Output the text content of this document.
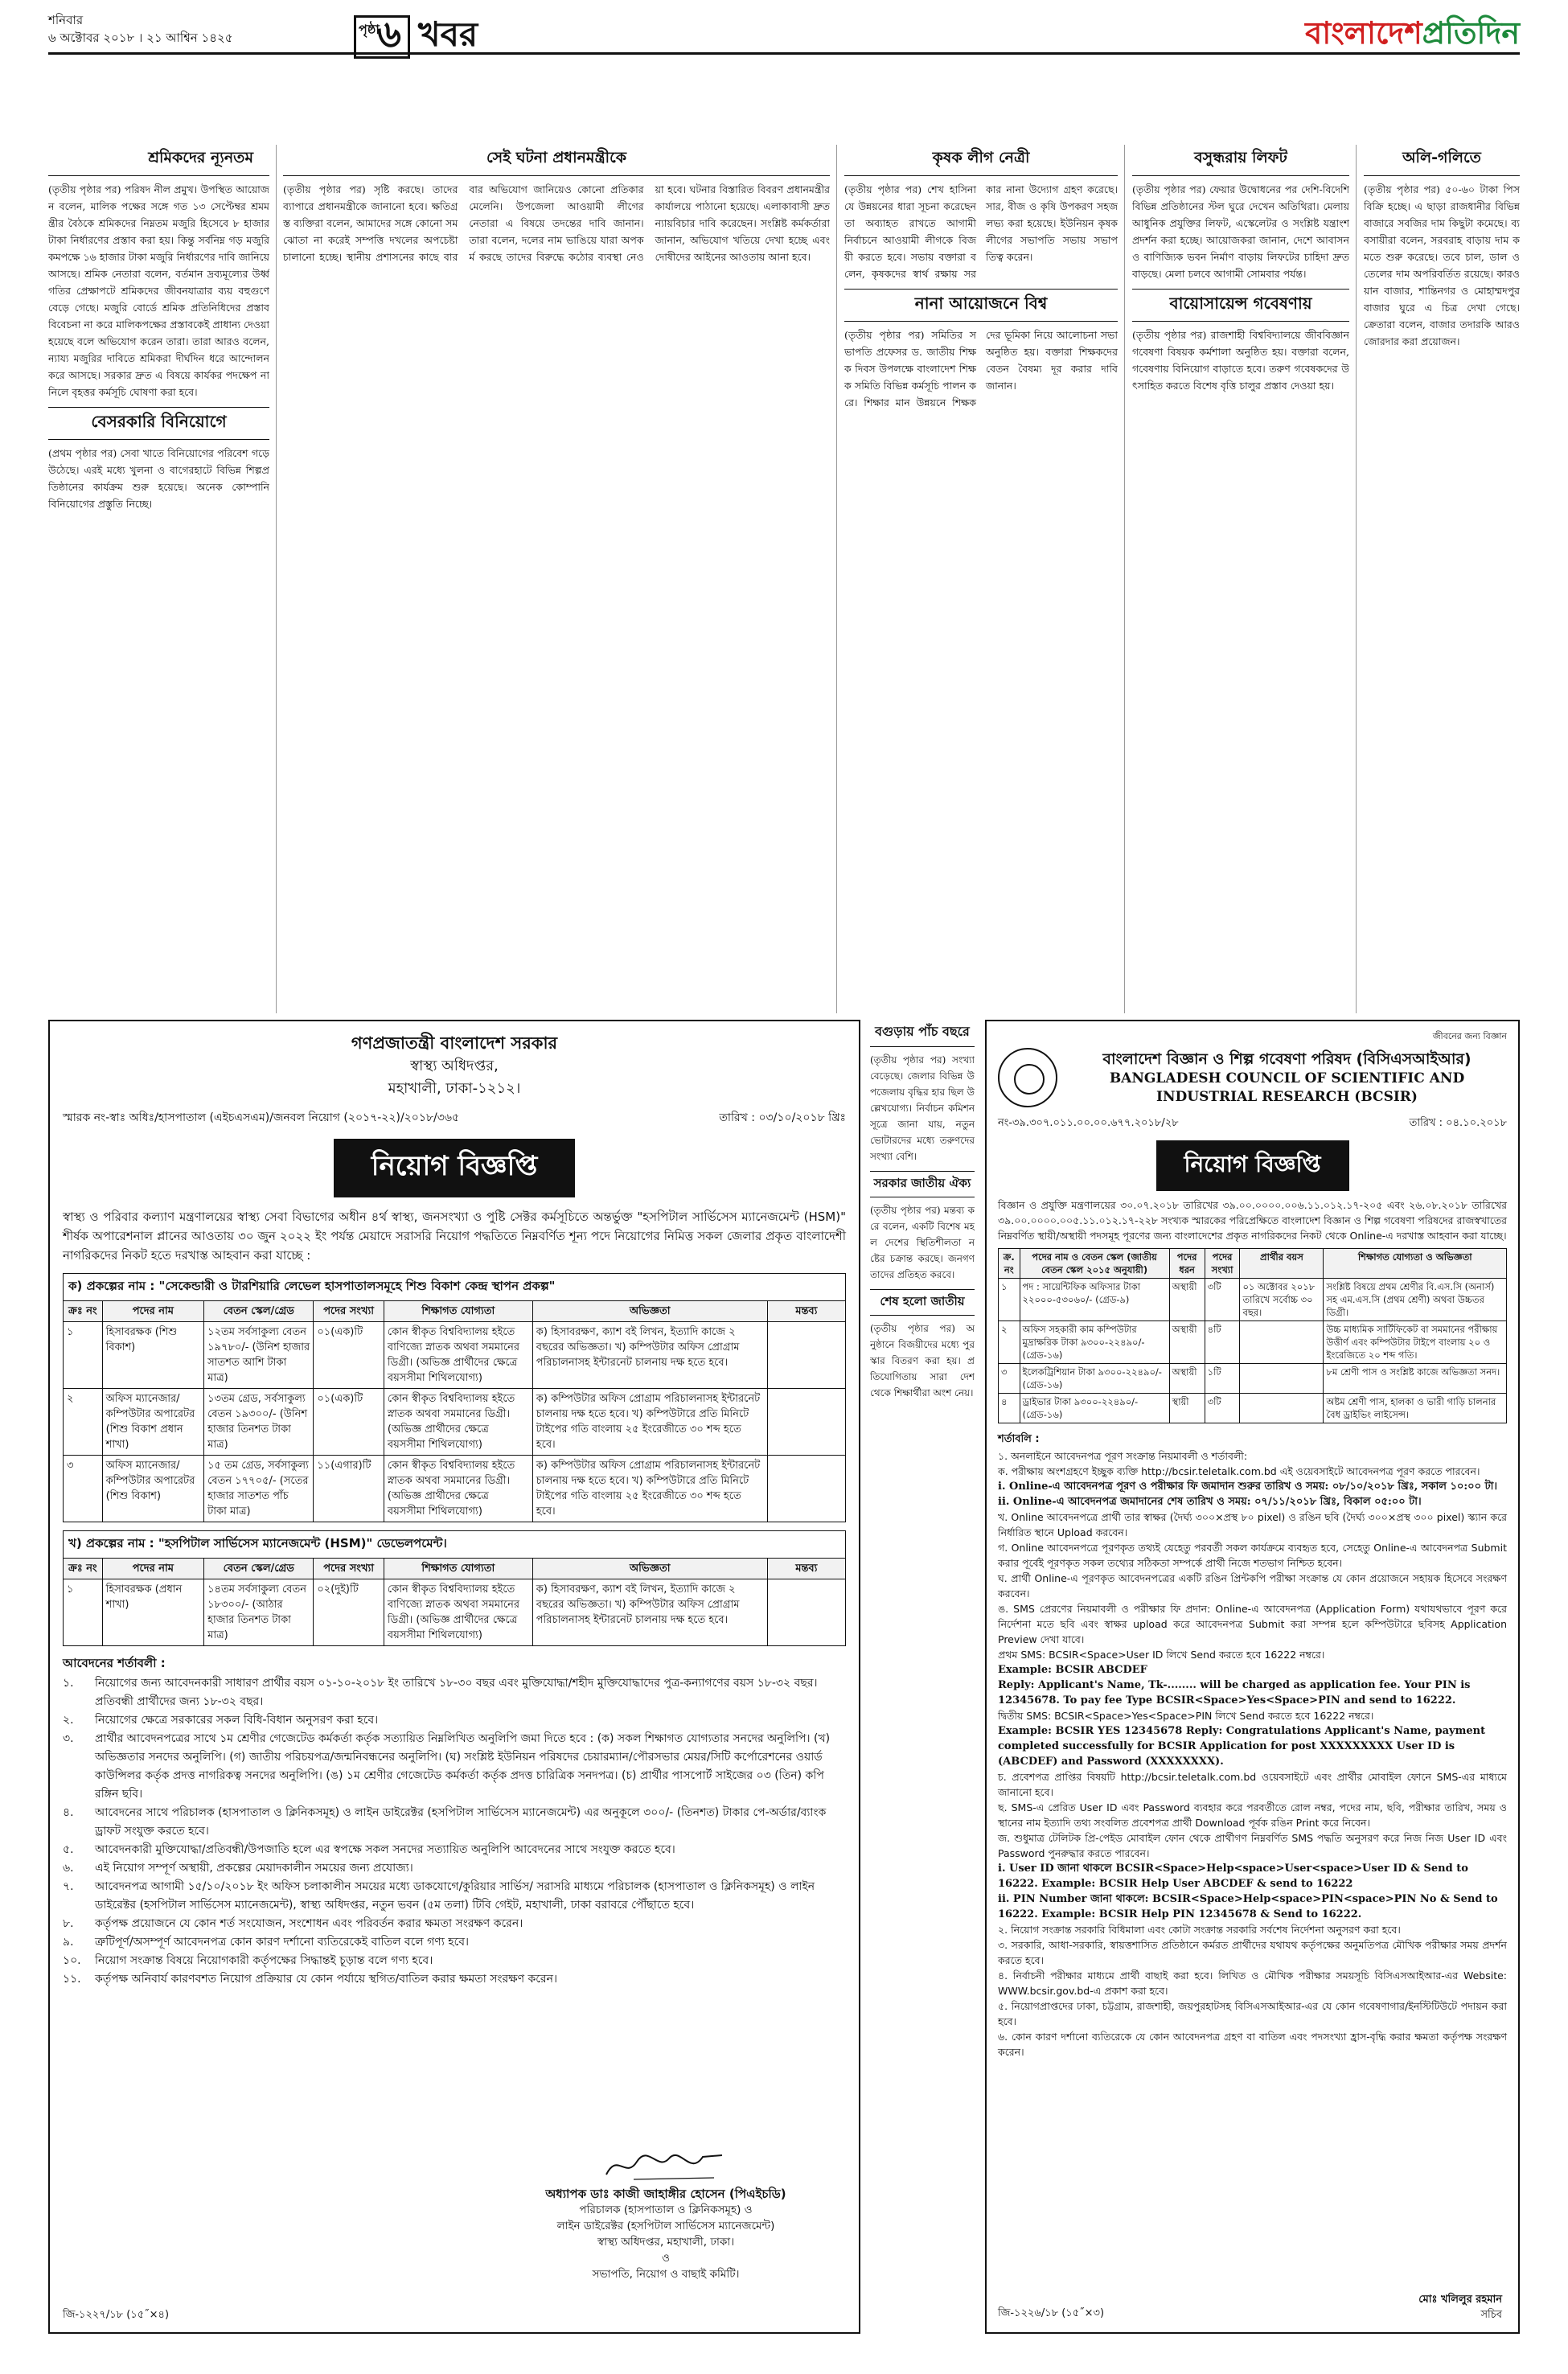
শনিবার
৬ অক্টোবর ২০১৮ । ২১ আশ্বিন ১৪২৫
পৃষ্ঠা
৬ খবর	বাংলাদেশপ্রতিদিন
শ্রমিকদের ন্যূনতম

(তৃতীয় পৃষ্ঠার পর) পরিষদ নীল প্রমুখ। উপস্থিত আয়োজন বলেন, মালিক পক্ষের সঙ্গে গত ১৩ সেপ্টেম্বর শ্রমমন্ত্রীর বৈঠকে শ্রমিকদের নিম্নতম মজুরি হিসেবে ৮ হাজার টাকা নির্ধারণের প্রস্তাব করা হয়। কিন্তু সর্বনিম্ন গড় মজুরি কমপক্ষে ১৬ হাজার টাকা মজুরি নির্ধারণের দাবি জানিয়ে আসছে। শ্রমিক নেতারা বলেন, বর্তমান দ্রব্যমূল্যের উর্ধ্বগতির প্রেক্ষাপটে শ্রমিকদের জীবনযাত্রার ব্যয় বহুগুণে বেড়ে গেছে। মজুরি বোর্ডে শ্রমিক প্রতিনিধিদের প্রস্তাব বিবেচনা না করে মালিকপক্ষের প্রস্তাবকেই প্রাধান্য দেওয়া হয়েছে বলে অভিযোগ করেন তারা। তারা আরও বলেন, ন্যায্য মজুরির দাবিতে শ্রমিকরা দীর্ঘদিন ধরে আন্দোলন করে আসছে। সরকার দ্রুত এ বিষয়ে কার্যকর পদক্ষেপ না নিলে বৃহত্তর কর্মসূচি ঘোষণা করা হবে।

বেসরকারি বিনিয়োগে

(প্রথম পৃষ্ঠার পর) সেবা খাতে বিনিয়োগের পরিবেশ গড়ে উঠেছে। এরই মধ্যে খুলনা ও বাগেরহাটে বিভিন্ন শিল্পপ্রতিষ্ঠানের কার্যক্রম শুরু হয়েছে। অনেক কোম্পানি বিনিয়োগের প্রস্তুতি নিচ্ছে।

সেই ঘটনা প্রধানমন্ত্রীকে

(তৃতীয় পৃষ্ঠার পর) সৃষ্টি করছে। তাদের ব্যাপারে প্রধানমন্ত্রীকে জানানো হবে। ক্ষতিগ্রস্ত ব্যক্তিরা বলেন, আমাদের সঙ্গে কোনো সমঝোতা না করেই সম্পত্তি দখলের অপচেষ্টা চালানো হচ্ছে। স্থানীয় প্রশাসনের কাছে বারবার অভিযোগ জানিয়েও কোনো প্রতিকার মেলেনি। উপজেলা আওয়ামী লীগের নেতারা এ বিষয়ে তদন্তের দাবি জানান। তারা বলেন, দলের নাম ভাঙিয়ে যারা অপকর্ম করছে তাদের বিরুদ্ধে কঠোর ব্যবস্থা নেওয়া হবে। ঘটনার বিস্তারিত বিবরণ প্রধানমন্ত্রীর কার্যালয়ে পাঠানো হয়েছে। এলাকাবাসী দ্রুত ন্যায়বিচার দাবি করেছেন। সংশ্লিষ্ট কর্মকর্তারা জানান, অভিযোগ খতিয়ে দেখা হচ্ছে এবং দোষীদের আইনের আওতায় আনা হবে।

কৃষক লীগ নেত্রী

(তৃতীয় পৃষ্ঠার পর) শেখ হাসিনা যে উন্নয়নের ধারা সূচনা করেছেন তা অব্যাহত রাখতে আগামী নির্বাচনে আওয়ামী লীগকে বিজয়ী করতে হবে। সভায় বক্তারা বলেন, কৃষকদের স্বার্থ রক্ষায় সরকার নানা উদ্যোগ গ্রহণ করেছে। সার, বীজ ও কৃষি উপকরণ সহজলভ্য করা হয়েছে। ইউনিয়ন কৃষক লীগের সভাপতি সভায় সভাপতিত্ব করেন।

নানা আয়োজনে বিশ্ব

(তৃতীয় পৃষ্ঠার পর) সমিতির সভাপতি প্রফেসর ড. জাতীয় শিক্ষক দিবস উপলক্ষে বাংলাদেশ শিক্ষক সমিতি বিভিন্ন কর্মসূচি পালন করে। শিক্ষার মান উন্নয়নে শিক্ষকদের ভূমিকা নিয়ে আলোচনা সভা অনুষ্ঠিত হয়। বক্তারা শিক্ষকদের বেতন বৈষম্য দূর করার দাবি জানান।

বসুন্ধরায় লিফট

(তৃতীয় পৃষ্ঠার পর) ফেয়ার উদ্বোধনের পর দেশি-বিদেশি বিভিন্ন প্রতিষ্ঠানের স্টল ঘুরে দেখেন অতিথিরা। মেলায় আধুনিক প্রযুক্তির লিফট, এস্কেলেটর ও সংশ্লিষ্ট যন্ত্রাংশ প্রদর্শন করা হচ্ছে। আয়োজকরা জানান, দেশে আবাসন ও বাণিজ্যিক ভবন নির্মাণ বাড়ায় লিফটের চাহিদা দ্রুত বাড়ছে। মেলা চলবে আগামী সোমবার পর্যন্ত।

বায়োসায়েন্স গবেষণায়

(তৃতীয় পৃষ্ঠার পর) রাজশাহী বিশ্ববিদ্যালয়ে জীববিজ্ঞান গবেষণা বিষয়ক কর্মশালা অনুষ্ঠিত হয়। বক্তারা বলেন, গবেষণায় বিনিয়োগ বাড়াতে হবে। তরুণ গবেষকদের উৎসাহিত করতে বিশেষ বৃত্তি চালুর প্রস্তাব দেওয়া হয়।

অলি-গলিতে

(তৃতীয় পৃষ্ঠার পর) ৫০-৬০ টাকা পিস বিক্রি হচ্ছে। এ ছাড়া রাজধানীর বিভিন্ন বাজারে সবজির দাম কিছুটা কমেছে। ব্যবসায়ীরা বলেন, সরবরাহ বাড়ায় দাম কমতে শুরু করেছে। তবে চাল, ডাল ও তেলের দাম অপরিবর্তিত রয়েছে। কারওয়ান বাজার, শান্তিনগর ও মোহাম্মদপুর বাজার ঘুরে এ চিত্র দেখা গেছে। ক্রেতারা বলেন, বাজার তদারকি আরও জোরদার করা প্রয়োজন।

গণপ্রজাতন্ত্রী বাংলাদেশ সরকার
স্বাস্থ্য অধিদপ্তর,
মহাখালী, ঢাকা-১২১২।
স্মারক নং-স্বাঃ অধিঃ/হাসপাতাল (এইচএসএম)/জনবল নিয়োগ (২০১৭-২২)/২০১৮/৩৬৫	তারিখ : ০৩/১০/২০১৮ খ্রিঃ
নিয়োগ বিজ্ঞপ্তি

স্বাস্থ্য ও পরিবার কল্যাণ মন্ত্রণালয়ের স্বাস্থ্য সেবা বিভাগের অধীন ৪র্থ স্বাস্থ্য, জনসংখ্যা ও পুষ্টি সেক্টর কর্মসূচিতে অন্তর্ভুক্ত "হসপিটাল সার্ভিসেস ম্যানেজমেন্ট (HSM)" শীর্ষক অপারেশনাল প্লানের আওতায় ৩০ জুন ২০২২ ইং পর্যন্ত মেয়াদে সরাসরি নিয়োগ পদ্ধতিতে নিম্নবর্ণিত শূন্য পদে নিয়োগের নিমিত্ত সকল জেলার প্রকৃত বাংলাদেশী নাগরিকদের নিকট হতে দরখাস্ত আহবান করা যাচ্ছে :

ক) প্রকল্পের নাম : "সেকেন্ডারী ও টারশিয়ারি লেভেল হাসপাতালসমূহে শিশু বিকাশ কেন্দ্র স্থাপন প্রকল্প"
ক্রঃ নং	পদের নাম	বেতন স্কেল/গ্রেড	পদের সংখ্যা	শিক্ষাগত যোগ্যতা	অভিজ্ঞতা	মন্তব্য
১	হিসাবরক্ষক (শিশু বিকাশ)	১২তম সর্বসাকুল্য বেতন ১৯৭৮০/- (উনিশ হাজার সাতশত আশি টাকা মাত্র)	০১(এক)টি	কোন স্বীকৃত বিশ্ববিদ্যালয় হইতে বাণিজ্যে স্নাতক অথবা সমমানের ডিগ্রী। (অভিজ্ঞ প্রার্থীদের ক্ষেত্রে বয়সসীমা শিথিলযোগ্য)	ক) হিসাবরক্ষণ, ক্যাশ বই লিখন, ইত্যাদি কাজে ২ বছরের অভিজ্ঞতা। খ) কম্পিউটার অফিস প্রোগ্রাম পরিচালনাসহ ইন্টারনেট চালনায় দক্ষ হতে হবে।	
২	অফিস ম্যানেজার/ কম্পিউটার অপারেটর (শিশু বিকাশ প্রধান শাখা)	১৩তম গ্রেড, সর্বসাকুল্য বেতন ১৯৩০০/- (উনিশ হাজার তিনশত টাকা মাত্র)	০১(এক)টি	কোন স্বীকৃত বিশ্ববিদ্যালয় হইতে স্নাতক অথবা সমমানের ডিগ্রী। (অভিজ্ঞ প্রার্থীদের ক্ষেত্রে বয়সসীমা শিথিলযোগ্য)	ক) কম্পিউটার অফিস প্রোগ্রাম পরিচালনাসহ ইন্টারনেট চালনায় দক্ষ হতে হবে। খ) কম্পিউটারে প্রতি মিনিটে টাইপের গতি বাংলায় ২৫ ইংরেজীতে ৩০ শব্দ হতে হবে।	
৩	অফিস ম্যানেজার/ কম্পিউটার অপারেটর (শিশু বিকাশ)	১৫ তম গ্রেড, সর্বসাকুল্য বেতন ১৭৭০৫/- (সতের হাজার সাতশত পাঁচ টাকা মাত্র)	১১(এগার)টি	কোন স্বীকৃত বিশ্ববিদ্যালয় হইতে স্নাতক অথবা সমমানের ডিগ্রী। (অভিজ্ঞ প্রার্থীদের ক্ষেত্রে বয়সসীমা শিথিলযোগ্য)	ক) কম্পিউটার অফিস প্রোগ্রাম পরিচালনাসহ ইন্টারনেট চালনায় দক্ষ হতে হবে। খ) কম্পিউটারে প্রতি মিনিটে টাইপের গতি বাংলায় ২৫ ইংরেজীতে ৩০ শব্দ হতে হবে।	
খ) প্রকল্পের নাম : "হসপিটাল সার্ভিসেস ম্যানেজমেন্ট (HSM)" ডেভেলপমেন্ট।
ক্রঃ নং	পদের নাম	বেতন স্কেল/গ্রেড	পদের সংখ্যা	শিক্ষাগত যোগ্যতা	অভিজ্ঞতা	মন্তব্য
১	হিসাবরক্ষক (প্রধান শাখা)	১৪তম সর্বসাকুল্য বেতন ১৮৩০০/- (আঠার হাজার তিনশত টাকা মাত্র)	০২(দুই)টি	কোন স্বীকৃত বিশ্ববিদ্যালয় হইতে বাণিজ্যে স্নাতক অথবা সমমানের ডিগ্রী। (অভিজ্ঞ প্রার্থীদের ক্ষেত্রে বয়সসীমা শিথিলযোগ্য)	ক) হিসাবরক্ষণ, ক্যাশ বই লিখন, ইত্যাদি কাজে ২ বছরের অভিজ্ঞতা। খ) কম্পিউটার অফিস প্রোগ্রাম পরিচালনাসহ ইন্টারনেট চালনায় দক্ষ হতে হবে।	
আবেদনের শর্তাবলী :
১.	নিয়োগের জন্য আবেদনকারী সাধারণ প্রার্থীর বয়স ০১-১০-২০১৮ ইং তারিখে ১৮-৩০ বছর এবং মুক্তিযোদ্ধা/শহীদ মুক্তিযোদ্ধাদের পুত্র-কন্যাগণের বয়স ১৮-৩২ বছর। প্রতিবন্ধী প্রার্থীদের জন্য ১৮-৩২ বছর।
২.	নিয়োগের ক্ষেত্রে সরকারের সকল বিধি-বিধান অনুসরণ করা হবে।
৩.	প্রার্থীর আবেদনপত্রের সাথে ১ম শ্রেণীর গেজেটেড কর্মকর্তা কর্তৃক সত্যায়িত নিম্নলিখিত অনুলিপি জমা দিতে হবে : (ক) সকল শিক্ষাগত যোগ্যতার সনদের অনুলিপি। (খ) অভিজ্ঞতার সনদের অনুলিপি। (গ) জাতীয় পরিচয়পত্র/জন্মনিবন্ধনের অনুলিপি। (ঘ) সংশ্লিষ্ট ইউনিয়ন পরিষদের চেয়ারম্যান/পৌরসভার মেয়র/সিটি কর্পোরেশনের ওয়ার্ড কাউন্সিলর কর্তৃক প্রদত্ত নাগরিকত্ব সনদের অনুলিপি। (ঙ) ১ম শ্রেণীর গেজেটেড কর্মকর্তা কর্তৃক প্রদত্ত চারিত্রিক সনদপত্র। (চ) প্রার্থীর পাসপোর্ট সাইজের ০৩ (তিন) কপি রঙ্গিন ছবি।
৪.	আবেদনের সাথে পরিচালক (হাসপাতাল ও ক্লিনিকসমূহ) ও লাইন ডাইরেক্টর (হসপিটাল সার্ভিসেস ম্যানেজমেন্ট) এর অনুকূলে ৩০০/- (তিনশত) টাকার পে-অর্ডার/ব্যাংক ড্রাফট সংযুক্ত করতে হবে।
৫.	আবেদনকারী মুক্তিযোদ্ধা/প্রতিবন্ধী/উপজাতি হলে এর স্বপক্ষে সকল সনদের সত্যায়িত অনুলিপি আবেদনের সাথে সংযুক্ত করতে হবে।
৬.	এই নিয়োগ সম্পূর্ণ অস্থায়ী, প্রকল্পের মেয়াদকালীন সময়ের জন্য প্রযোজ্য।
৭.	আবেদনপত্র আগামী ১৫/১০/২০১৮ ইং অফিস চলাকালীন সময়ের মধ্যে ডাকযোগে/কুরিয়ার সার্ভিস/ সরাসরি মাধ্যমে পরিচালক (হাসপাতাল ও ক্লিনিকসমূহ) ও লাইন ডাইরেক্টর (হসপিটাল সার্ভিসেস ম্যানেজমেন্ট), স্বাস্থ্য অধিদপ্তর, নতুন ভবন (৫ম তলা) টিবি গেইট, মহাখালী, ঢাকা বরাবরে পৌঁছাতে হবে।
৮.	কর্তৃপক্ষ প্রয়োজনে যে কোন শর্ত সংযোজন, সংশোধন এবং পরিবর্তন করার ক্ষমতা সংরক্ষণ করেন।
৯.	ত্রুটিপূর্ণ/অসম্পূর্ণ আবেদনপত্র কোন কারণ দর্শানো ব্যতিরেকেই বাতিল বলে গণ্য হবে।
১০.	নিয়োগ সংক্রান্ত বিষয়ে নিয়োগকারী কর্তৃপক্ষের সিদ্ধান্তই চূড়ান্ত বলে গণ্য হবে।
১১.	কর্তৃপক্ষ অনিবার্য কারণবশত নিয়োগ প্রক্রিয়ার যে কোন পর্যায়ে স্থগিত/বাতিল করার ক্ষমতা সংরক্ষণ করেন।
অধ্যাপক ডাঃ কাজী জাহাঙ্গীর হোসেন (পিএইচডি)
পরিচালক (হাসপাতাল ও ক্লিনিকসমূহ) ও
লাইন ডাইরেক্টর (হসপিটাল সার্ভিসেস ম্যানেজমেন্ট)
স্বাস্থ্য অধিদপ্তর, মহাখালী, ঢাকা।
ও
সভাপতি, নিয়োগ ও বাছাই কমিটি।
জি-১২২৭/১৮ (১৫˝×৪)
বগুড়ায় পাঁচ বছরে

(তৃতীয় পৃষ্ঠার পর) সংখ্যা বেড়েছে। জেলার বিভিন্ন উপজেলায় বৃদ্ধির হার ছিল উল্লেখযোগ্য। নির্বাচন কমিশন সূত্রে জানা যায়, নতুন ভোটারদের মধ্যে তরুণদের সংখ্যা বেশি।

সরকার জাতীয় ঐক্য

(তৃতীয় পৃষ্ঠার পর) মন্তব্য করে বলেন, একটি বিশেষ মহল দেশের স্থিতিশীলতা নষ্টের চক্রান্ত করছে। জনগণ তাদের প্রতিহত করবে।

শেষ হলো জাতীয়

(তৃতীয় পৃষ্ঠার পর) অনুষ্ঠানে বিজয়ীদের মধ্যে পুরস্কার বিতরণ করা হয়। প্রতিযোগিতায় সারা দেশ থেকে শিক্ষার্থীরা অংশ নেয়।

জীবনের জন্য বিজ্ঞান
বাংলাদেশ বিজ্ঞান ও শিল্প গবেষণা পরিষদ (বিসিএসআইআর)
BANGLADESH COUNCIL OF SCIENTIFIC AND INDUSTRIAL RESEARCH (BCSIR)
নং-৩৯.৩০৭.০১১.০০.০০.৬৭৭.২০১৮/২৮	তারিখ : ০৪.১০.২০১৮
নিয়োগ বিজ্ঞপ্তি

বিজ্ঞান ও প্রযুক্তি মন্ত্রণালয়ের ৩০.০৭.২০১৮ তারিখের ৩৯.০০.০০০০.০০৬.১১.০১২.১৭-২০৫ এবং ২৬.০৮.২০১৮ তারিখের ৩৯.০০.০০০০.০০৫.১১.০১২.১৭-২২৮ সংখ্যক স্মারকের পরিপ্রেক্ষিতে বাংলাদেশ বিজ্ঞান ও শিল্প গবেষণা পরিষদের রাজস্বখাতের নিম্নবর্ণিত স্থায়ী/অস্থায়ী পদসমূহ পূরণের জন্য বাংলাদেশের প্রকৃত নাগরিকদের নিকট থেকে Online-এ দরখাস্ত আহবান করা যাচ্ছে।

ক্র. নং	পদের নাম ও বেতন স্কেল (জাতীয় বেতন স্কেল ২০১৫ অনুযায়ী)	পদের ধরন	পদের সংখ্যা	প্রার্থীর বয়স	শিক্ষাগত যোগ্যতা ও অভিজ্ঞতা
১	পদ : সায়েন্টিফিক অফিসার টাকা ২২০০০-৫৩০৬০/- (গ্রেড-৯)	অস্থায়ী	৩টি	০১ অক্টোবর ২০১৮ তারিখে সর্বোচ্চ ৩০ বছর।	সংশ্লিষ্ট বিষয়ে প্রথম শ্রেণীর বি.এস.সি (অনার্স) সহ এম.এস.সি (প্রথম শ্রেণী) অথবা উচ্চতর ডিগ্রী।
২	অফিস সহকারী কাম কম্পিউটার মুদ্রাক্ষরিক টাকা ৯৩০০-২২৪৯০/- (গ্রেড-১৬)	অস্থায়ী	৪টি		উচ্চ মাধ্যমিক সার্টিফিকেট বা সমমানের পরীক্ষায় উত্তীর্ণ এবং কম্পিউটার টাইপে বাংলায় ২০ ও ইংরেজিতে ২০ শব্দ গতি।
৩	ইলেকট্রিশিয়ান টাকা ৯৩০০-২২৪৯০/- (গ্রেড-১৬)	অস্থায়ী	১টি		৮ম শ্রেণী পাস ও সংশ্লিষ্ট কাজে অভিজ্ঞতা সনদ।
৪	ড্রাইভার টাকা ৯৩০০-২২৪৯০/- (গ্রেড-১৬)	স্থায়ী	৩টি		অষ্টম শ্রেণী পাস, হালকা ও ভারী গাড়ি চালনার বৈধ ড্রাইভিং লাইসেন্স।
শর্তাবলি :

১. অনলাইনে আবেদনপত্র পূরণ সংক্রান্ত নিয়মাবলী ও শর্তাবলী:

ক. পরীক্ষায় অংশগ্রহণে ইচ্ছুক ব্যক্তি http://bcsir.teletalk.com.bd এই ওয়েবসাইটে আবেদনপত্র পূরণ করতে পারবেন।

i. Online-এ আবেদনপত্র পূরণ ও পরীক্ষার ফি জমাদান শুরুর তারিখ ও সময়: ০৮/১০/২০১৮ খ্রিঃ, সকাল ১০:০০ টা।

ii. Online-এ আবেদনপত্র জমাদানের শেষ তারিখ ও সময়: ০৭/১১/২০১৮ খ্রিঃ, বিকাল ০৫:০০ টা।

খ. Online আবেদনপত্রে প্রার্থী তার স্বাক্ষর (দৈর্ঘ্য ৩০০×প্রস্থ ৮০ pixel) ও রঙিন ছবি (দৈর্ঘ্য ৩০০×প্রস্থ ৩০০ pixel) স্ক্যান করে নির্ধারিত স্থানে Upload করবেন।

গ. Online আবেদনপত্রে পূরণকৃত তথ্যই যেহেতু পরবর্তী সকল কার্যক্রমে ব্যবহৃত হবে, সেহেতু Online-এ আবেদনপত্র Submit করার পূর্বেই পূরণকৃত সকল তথ্যের সঠিকতা সম্পর্কে প্রার্থী নিজে শতভাগ নিশ্চিত হবেন।

ঘ. প্রার্থী Online-এ পূরণকৃত আবেদনপত্রের একটি রঙিন প্রিন্টকপি পরীক্ষা সংক্রান্ত যে কোন প্রয়োজনে সহায়ক হিসেবে সংরক্ষণ করবেন।

ঙ. SMS প্রেরণের নিয়মাবলী ও পরীক্ষার ফি প্রদান: Online-এ আবেদনপত্র (Application Form) যথাযথভাবে পূরণ করে নির্দেশনা মতে ছবি এবং স্বাক্ষর upload করে আবেদনপত্র Submit করা সম্পন্ন হলে কম্পিউটারে ছবিসহ Application Preview দেখা যাবে।

প্রথম SMS: BCSIR<Space>User ID লিখে Send করতে হবে 16222 নম্বরে।

Example: BCSIR ABCDEF

Reply: Applicant's Name, Tk-........ will be charged as application fee. Your PIN is 12345678. To pay fee Type BCSIR<Space>Yes<Space>PIN and send to 16222.

দ্বিতীয় SMS: BCSIR<Space>Yes<Space>PIN লিখে Send করতে হবে 16222 নম্বরে।

Example: BCSIR YES 12345678 Reply: Congratulations Applicant's Name, payment completed successfully for BCSIR Application for post XXXXXXXXX User ID is (ABCDEF) and Password (XXXXXXXX).

চ. প্রবেশপত্র প্রাপ্তির বিষয়টি http://bcsir.teletalk.com.bd ওয়েবসাইটে এবং প্রার্থীর মোবাইল ফোনে SMS-এর মাধ্যমে জানানো হবে।

ছ. SMS-এ প্রেরিত User ID এবং Password ব্যবহার করে পরবর্তীতে রোল নম্বর, পদের নাম, ছবি, পরীক্ষার তারিখ, সময় ও স্থানের নাম ইত্যাদি তথ্য সংবলিত প্রবেশপত্র প্রার্থী Download পূর্বক রঙিন Print করে নিবেন।

জ. শুধুমাত্র টেলিটক প্রি-পেইড মোবাইল ফোন থেকে প্রার্থীগণ নিম্নবর্ণিত SMS পদ্ধতি অনুসরণ করে নিজ নিজ User ID এবং Password পুনরুদ্ধার করতে পারবেন।

i. User ID জানা থাকলে BCSIR<Space>Help<space>User<space>User ID & Send to 16222. Example: BCSIR Help User ABCDEF & send to 16222

ii. PIN Number জানা থাকলে: BCSIR<Space>Help<space>PIN<space>PIN No & Send to 16222. Example: BCSIR Help PIN 12345678 & Send to 16222.

২. নিয়োগ সংক্রান্ত সরকারি বিধিমালা এবং কোটা সংক্রান্ত সরকারি সর্বশেষ নির্দেশনা অনুসরণ করা হবে।

৩. সরকারি, আধা-সরকারি, স্বায়ত্তশাসিত প্রতিষ্ঠানে কর্মরত প্রার্থীদের যথাযথ কর্তৃপক্ষের অনুমতিপত্র মৌখিক পরীক্ষার সময় প্রদর্শন করতে হবে।

৪. নির্বাচনী পরীক্ষার মাধ্যমে প্রার্থী বাছাই করা হবে। লিখিত ও মৌখিক পরীক্ষার সময়সূচি বিসিএসআইআর-এর Website: WWW.bcsir.gov.bd-এ প্রকাশ করা হবে।

৫. নিয়োগপ্রাপ্তদের ঢাকা, চট্টগ্রাম, রাজশাহী, জয়পুরহাটসহ বিসিএসআইআর-এর যে কোন গবেষণাগার/ইনস্টিটিউটে পদায়ন করা হবে।

৬. কোন কারণ দর্শানো ব্যতিরেকে যে কোন আবেদনপত্র গ্রহণ বা বাতিল এবং পদসংখ্যা হ্রাস-বৃদ্ধি করার ক্ষমতা কর্তৃপক্ষ সংরক্ষণ করেন।

মোঃ খলিলুর রহমান
সচিব
জি-১২২৬/১৮ (১৫˝×৩)
